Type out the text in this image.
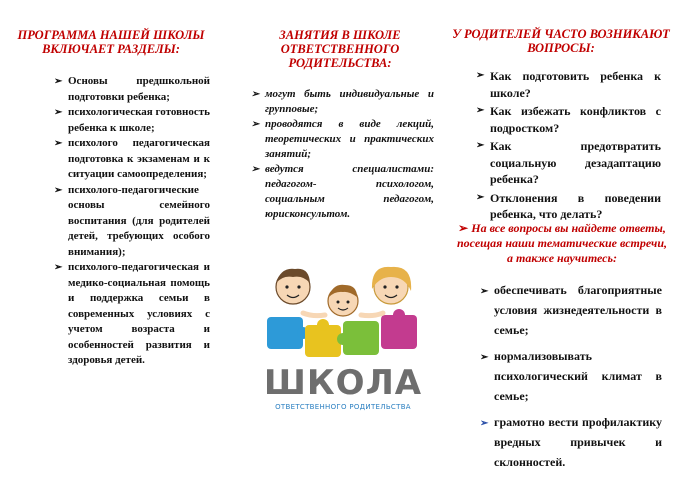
ПРОГРАММА НАШЕЙ ШКОЛЫ ВКЛЮЧАЕТ РАЗДЕЛЫ:

➢ Основы предшкольной подготовки ребенка;
➢ психологическая готовность ребенка к школе;
➢ психолого педагогическая подготовка к экзаменам и к ситуации самоопределения;
➢ психолого-педагогические основы семейного воспитания (для родителей детей, требующих особого внимания);
➢ психолого-педагогическая и медико-социальная помощь и поддержка семьи в современных условиях с учетом возраста и особенностей развития и здоровья детей.

ЗАНЯТИЯ В ШКОЛЕ ОТВЕТСТВЕННОГО РОДИТЕЛЬСТВА:

➢ могут быть индивидуальные и групповые;
➢ проводятся в виде лекций, теоретических и практических занятий;
➢ ведутся специалистами: педагогом- психологом, социальным педагогом, юрисконсультом.

ШКОЛА

ОТВЕТСТВЕННОГО РОДИТЕЛЬСТВА

У РОДИТЕЛЕЙ ЧАСТО ВОЗНИКАЮТ ВОПРОСЫ:

➢ Как подготовить ребенка к школе?
➢ Как избежать конфликтов с подростком?
➢ Как предотвратить социальную дезадаптацию ребенка?
➢ Отклонения в поведении ребенка, что делать?

➢ На все вопросы вы найдете ответы, посещая наши тематические встречи, а также научитесь:

➢ обеспечивать благоприятные условия жизнедеятельности в семье;
➢ нормализовывать психологический климат в семье;
➢ грамотно вести профилактику вредных привычек и склонностей.
